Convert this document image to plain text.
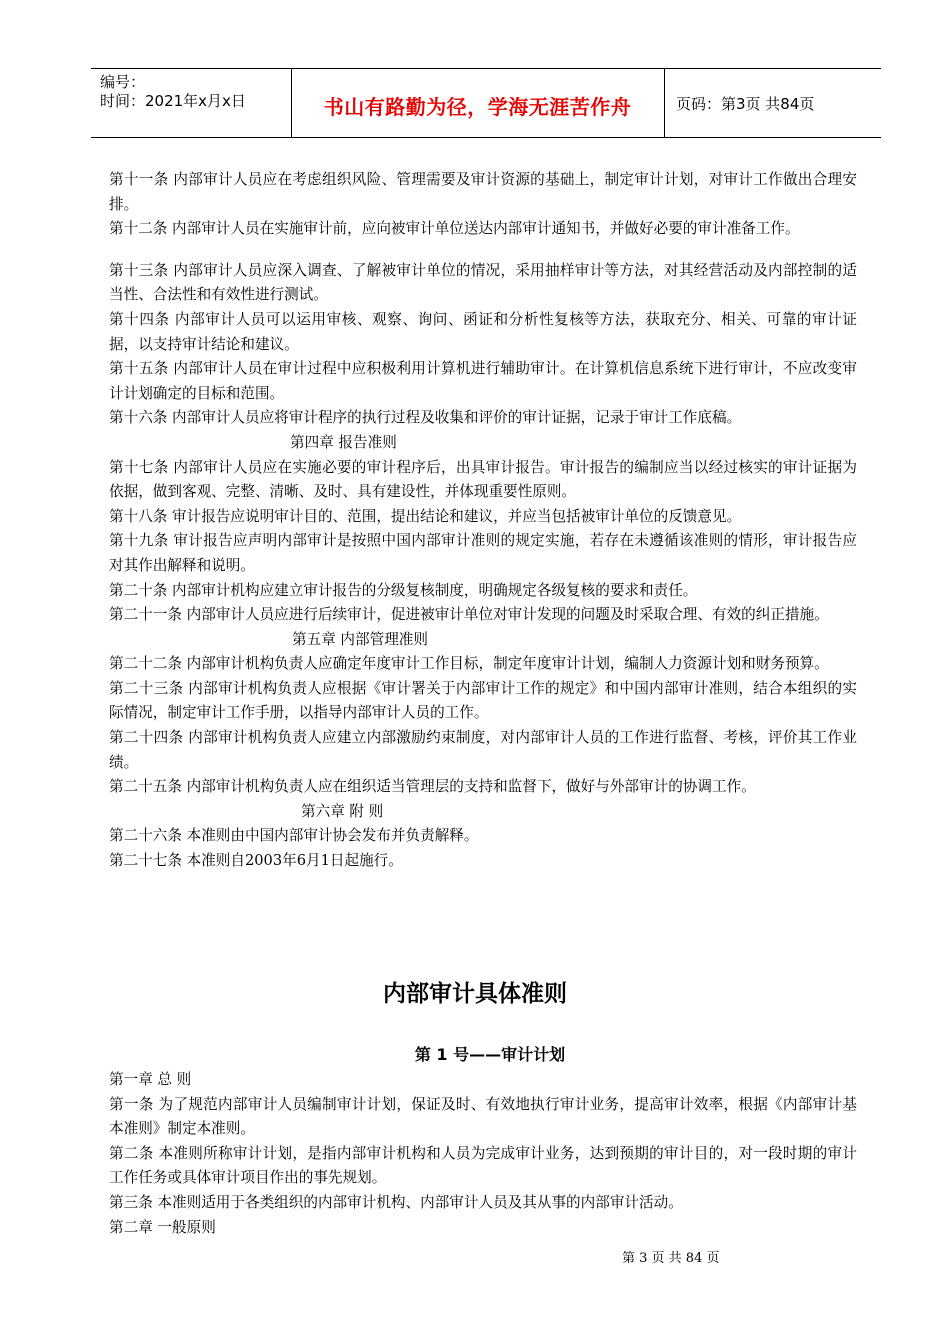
编号：
时间：2021年x月x日	书山有路勤为径，学海无涯苦作舟	页码：第3页 共84页

第十一条 内部审计人员应在考虑组织风险、管理需要及审计资源的基础上，制定审计计划，对审计工作做出合理安排。

第十二条 内部审计人员在实施审计前，应向被审计单位送达内部审计通知书，并做好必要的审计准备工作。

第十三条 内部审计人员应深入调查、了解被审计单位的情况，采用抽样审计等方法，对其经营活动及内部控制的适当性、合法性和有效性进行测试。

第十四条 内部审计人员可以运用审核、观察、询问、函证和分析性复核等方法，获取充分、相关、可靠的审计证据，以支持审计结论和建议。

第十五条 内部审计人员在审计过程中应积极利用计算机进行辅助审计。在计算机信息系统下进行审计，不应改变审计计划确定的目标和范围。

第十六条 内部审计人员应将审计程序的执行过程及收集和评价的审计证据，记录于审计工作底稿。

第四章 报告准则

第十七条 内部审计人员应在实施必要的审计程序后，出具审计报告。审计报告的编制应当以经过核实的审计证据为依据，做到客观、完整、清晰、及时、具有建设性，并体现重要性原则。

第十八条 审计报告应说明审计目的、范围，提出结论和建议，并应当包括被审计单位的反馈意见。

第十九条 审计报告应声明内部审计是按照中国内部审计准则的规定实施，若存在未遵循该准则的情形，审计报告应对其作出解释和说明。

第二十条 内部审计机构应建立审计报告的分级复核制度，明确规定各级复核的要求和责任。

第二十一条 内部审计人员应进行后续审计，促进被审计单位对审计发现的问题及时采取合理、有效的纠正措施。

第五章 内部管理准则

第二十二条 内部审计机构负责人应确定年度审计工作目标，制定年度审计计划，编制人力资源计划和财务预算。

第二十三条 内部审计机构负责人应根据《审计署关于内部审计工作的规定》和中国内部审计准则，结合本组织的实际情况，制定审计工作手册，以指导内部审计人员的工作。

第二十四条 内部审计机构负责人应建立内部激励约束制度，对内部审计人员的工作进行监督、考核，评价其工作业绩。

第二十五条 内部审计机构负责人应在组织适当管理层的支持和监督下，做好与外部审计的协调工作。

第六章 附 则

第二十六条 本准则由中国内部审计协会发布并负责解释。

第二十七条 本准则自2003年6月1日起施行。

内部审计具体准则
第 1 号——审计计划

第一章 总 则

第一条 为了规范内部审计人员编制审计计划，保证及时、有效地执行审计业务，提高审计效率，根据《内部审计基本准则》制定本准则。

第二条 本准则所称审计计划，是指内部审计机构和人员为完成审计业务，达到预期的审计目的，对一段时期的审计工作任务或具体审计项目作出的事先规划。

第三条 本准则适用于各类组织的内部审计机构、内部审计人员及其从事的内部审计活动。

第二章 一般原则

第 3 页 共 84 页
